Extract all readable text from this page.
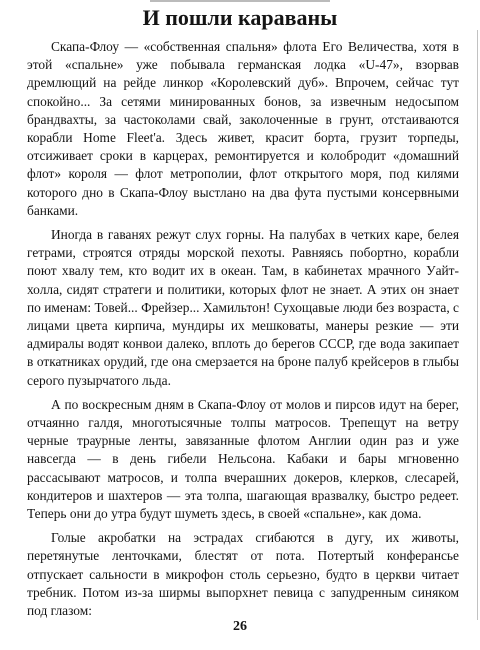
И пошли караваны

Скапа-Флоу — «собственная спальня» флота Его Величества, хотя в этой «спальне» уже побывала германская лодка «U-47», взорвав дремлющий на рейде линкор «Королевский дуб». Впрочем, сейчас тут спокойно... За сетями минированных бонов, за извечным недосыпом брандвахты, за частоколами свай, заколоченные в грунт, отстаиваются корабли Home Fleet'a. Здесь живет, красит борта, грузит торпеды, отсиживает сроки в карцерах, ремонтируется и колобродит «домашний флот» короля — флот метрополии, флот открытого моря, под килями которого дно в Скапа-Флоу выстлано на два фута пустыми консервными банками.

Иногда в гаванях режут слух горны. На палубах в четких каре, белея гетрами, строятся отряды морской пехоты. Равняясь побортно, корабли поют хвалу тем, кто водит их в океан. Там, в кабинетах мрачного Уайт-холла, сидят стратеги и политики, которых флот не знает. А этих он знает по именам: Товей... Фрейзер... Хамильтон! Сухощавые люди без возраста, с лицами цвета кирпича, мундиры их мешковаты, манеры резкие — эти адмиралы водят конвои далеко, вплоть до берегов СССР, где вода закипает в откатниках орудий, где она смерзается на броне палуб крейсеров в глыбы серого пузырчатого льда.

А по воскресным дням в Скапа-Флоу от молов и пирсов идут на берег, отчаянно галдя, многотысячные толпы матросов. Трепещут на ветру черные траурные ленты, завязанные флотом Англии один раз и уже навсегда — в день гибели Нельсона. Кабаки и бары мгновенно рассасывают матросов, и толпа вчерашних докеров, клерков, слесарей, кондитеров и шахтеров — эта толпа, шагающая вразвалку, быстро редеет. Теперь они до утра будут шуметь здесь, в своей «спальне», как дома.

Голые акробатки на эстрадах сгибаются в дугу, их животы, перетянутые ленточками, блестят от пота. Потертый конферансье отпускает сальности в микрофон столь серьезно, будто в церкви читает требник. Потом из-за ширмы выпорхнет певица с запудренным синяком под глазом:

26
